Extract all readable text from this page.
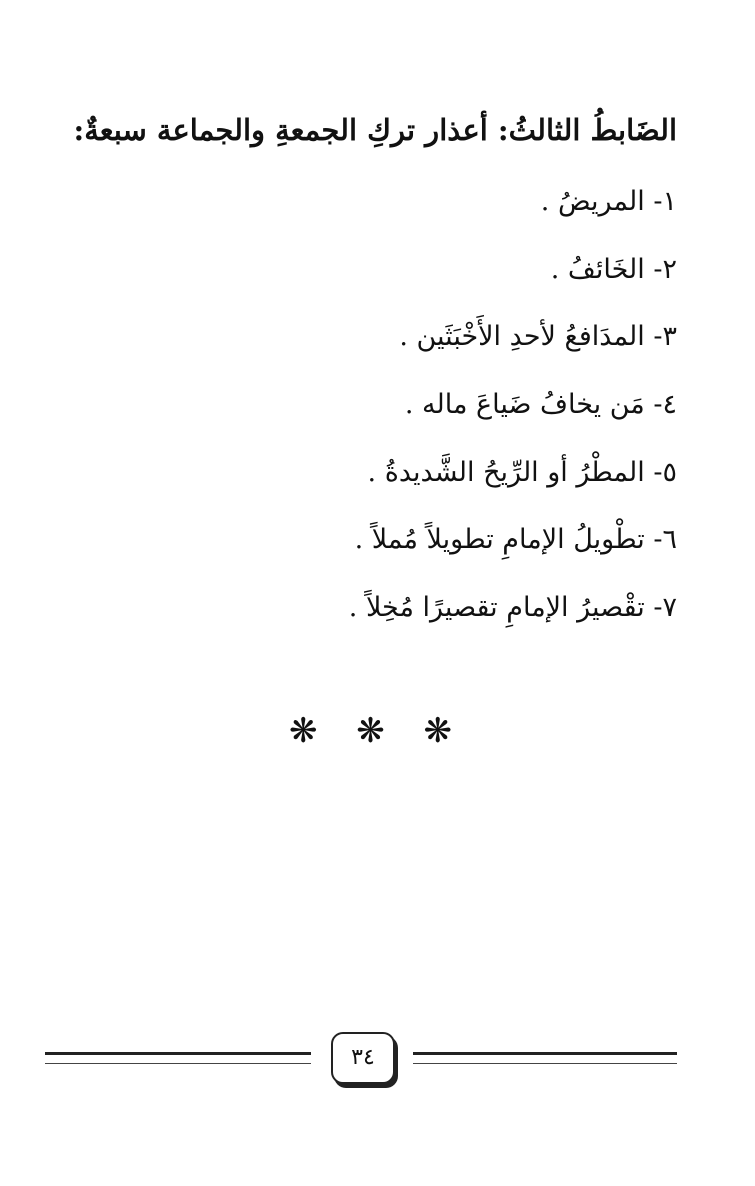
الضَابطُ الثالثُ: أعذار تركِ الجمعةِ والجماعة سبعةٌ:
١- المريضُ .
٢- الخَائفُ .
٣- المدَافعُ لأحدِ الأَخْبَثَين .
٤- مَن يخافُ ضَياعَ ماله .
٥- المطْرُ أو الرِّيحُ الشَّديدةُ .
٦- تطْويلُ الإمامِ تطويلاً مُملاً .
٧- تقْصيرُ الإمامِ تقصيرًا مُخِلاً .
❋ ❋ ❋
٣٤
